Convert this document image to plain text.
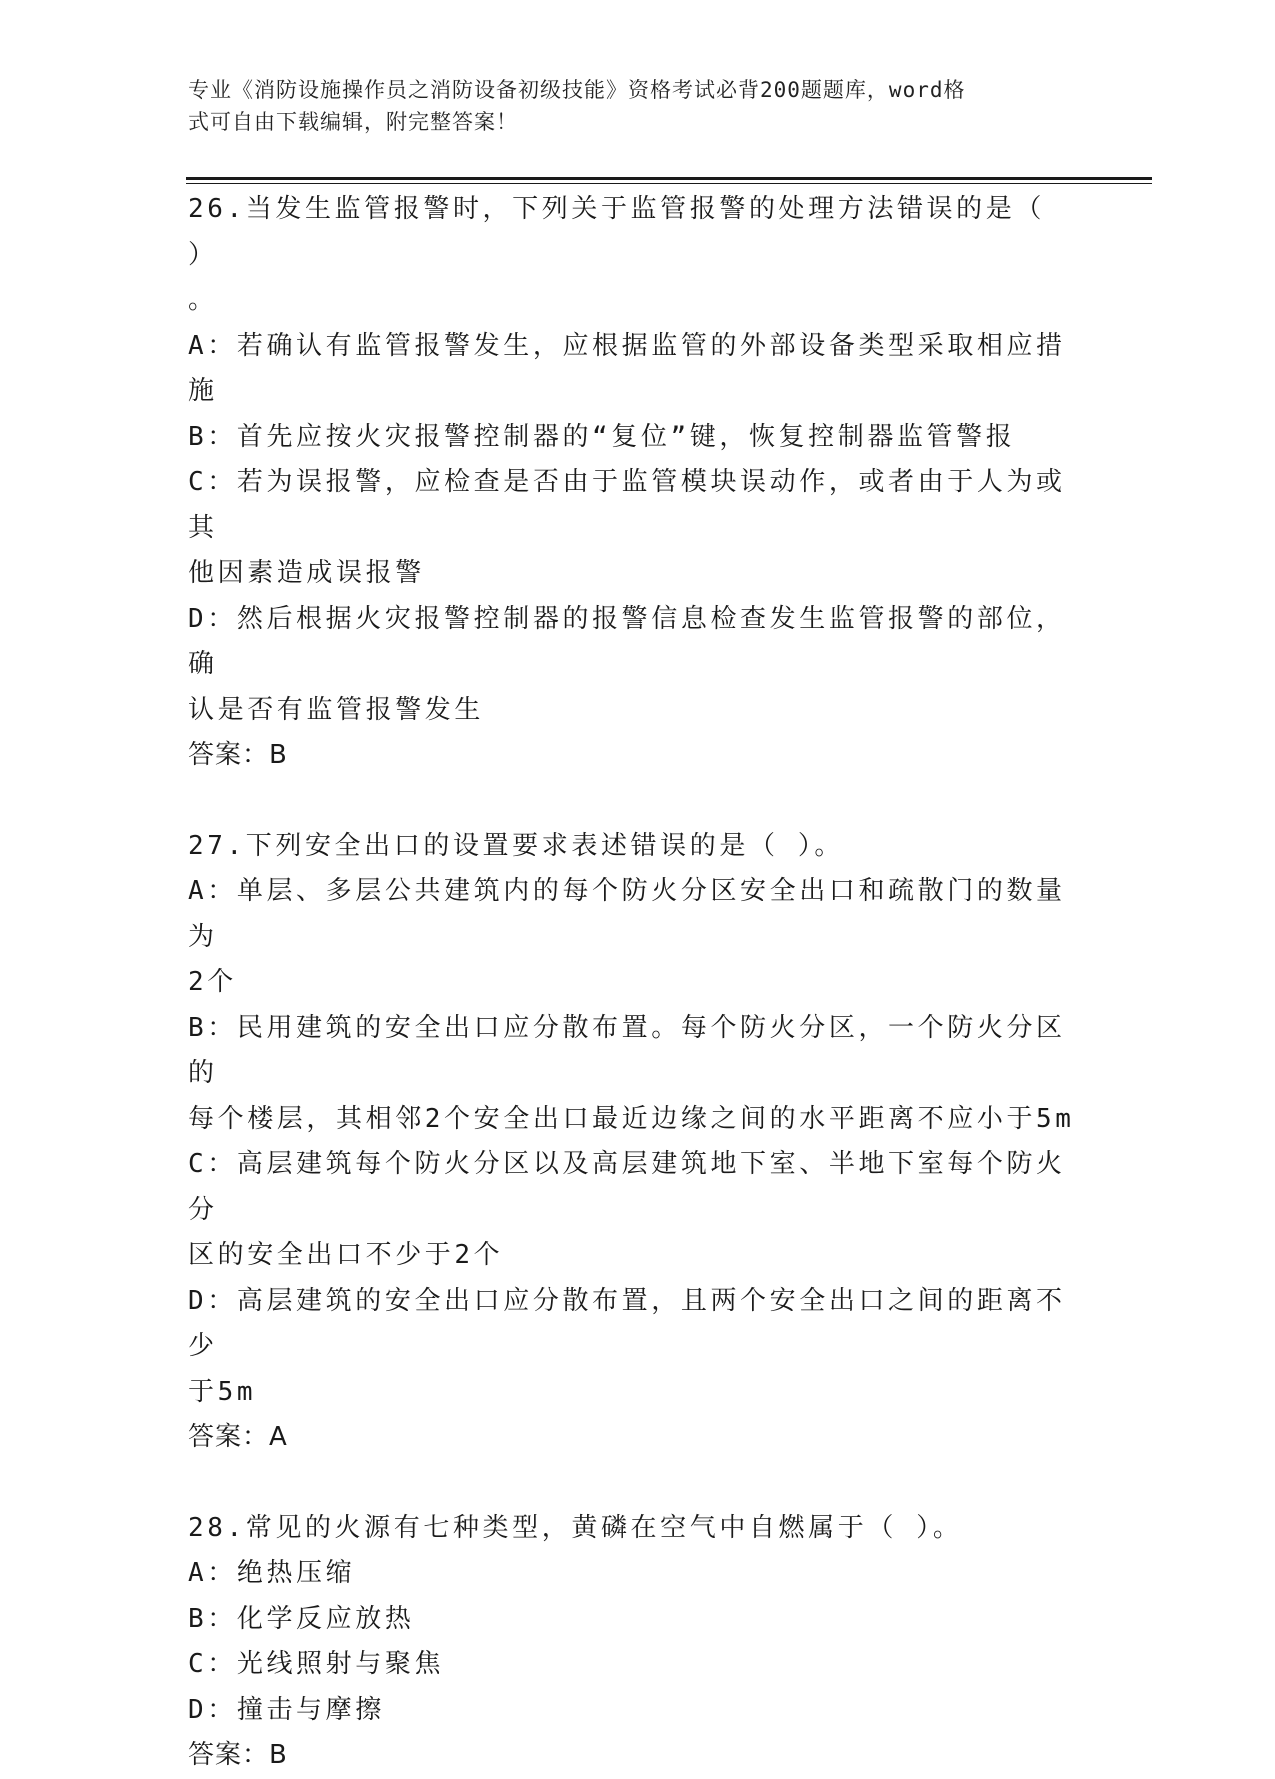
专业《消防设施操作员之消防设备初级技能》资格考试必背200题题库，word格
式可自由下载编辑，附完整答案！
26.当发生监管报警时，下列关于监管报警的处理方法错误的是（ ）
。
A：若确认有监管报警发生，应根据监管的外部设备类型采取相应措施
B：首先应按火灾报警控制器的“复位”键，恢复控制器监管警报
C：若为误报警，应检查是否由于监管模块误动作，或者由于人为或其
他因素造成误报警
D：然后根据火灾报警控制器的报警信息检查发生监管报警的部位，确
认是否有监管报警发生
答案：B
27.下列安全出口的设置要求表述错误的是（ ）。
A：单层、多层公共建筑内的每个防火分区安全出口和疏散门的数量为
2个
B：民用建筑的安全出口应分散布置。每个防火分区，一个防火分区的
每个楼层，其相邻2个安全出口最近边缘之间的水平距离不应小于5m
C：高层建筑每个防火分区以及高层建筑地下室、半地下室每个防火分
区的安全出口不少于2个
D：高层建筑的安全出口应分散布置，且两个安全出口之间的距离不少
于5m
答案：A
28.常见的火源有七种类型，黄磷在空气中自燃属于（ ）。
A：绝热压缩
B：化学反应放热
C：光线照射与聚焦
D：撞击与摩擦
答案：B
